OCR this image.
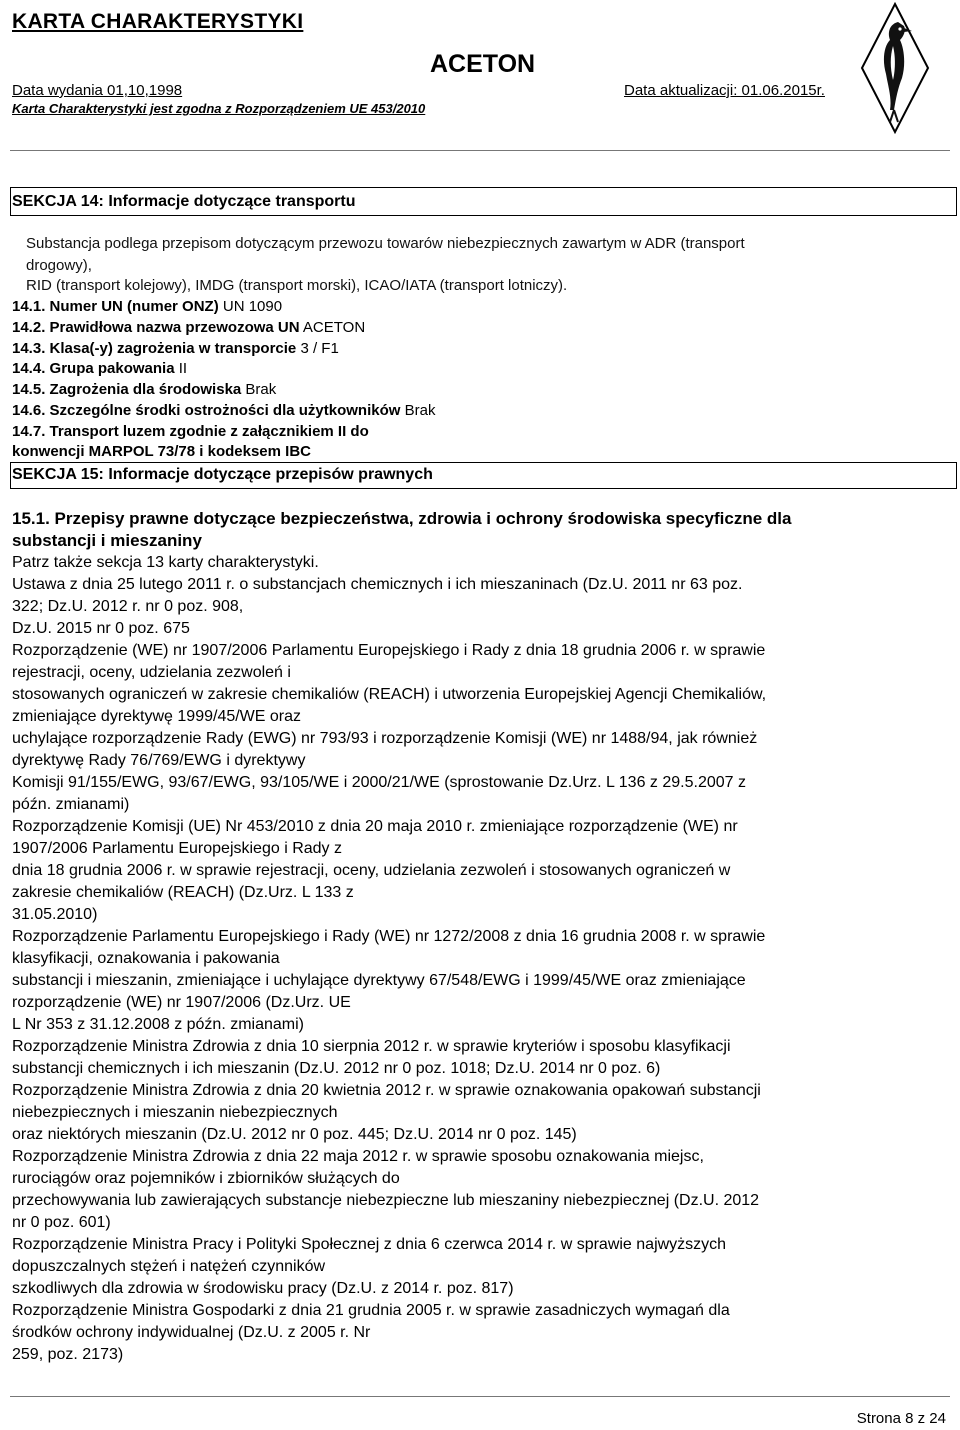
KARTA CHARAKTERYSTYKI
ACETON
Data wydania 01,10,1998	Data aktualizacji: 01.06.2015r.
Karta Charakterystyki jest zgodna z Rozporządzeniem UE 453/2010
SEKCJA 14: Informacje dotyczące transportu
Substancja podlega przepisom dotyczącym przewozu towarów niebezpiecznych zawartym w ADR (transport
drogowy),
RID (transport kolejowy), IMDG (transport morski), ICAO/IATA (transport lotniczy).
14.1. Numer UN (numer ONZ) UN 1090
14.2. Prawidłowa nazwa przewozowa UN ACETON
14.3. Klasa(-y) zagrożenia w transporcie 3 / F1
14.4. Grupa pakowania II
14.5. Zagrożenia dla środowiska Brak
14.6. Szczególne środki ostrożności dla użytkowników Brak
14.7. Transport luzem zgodnie z załącznikiem II do
konwencji MARPOL 73/78 i kodeksem IBC
SEKCJA 15: Informacje dotyczące przepisów prawnych
15.1. Przepisy prawne dotyczące bezpieczeństwa, zdrowia i ochrony środowiska specyficzne dla
substancji i mieszaniny
Patrz także sekcja 13 karty charakterystyki.
Ustawa z dnia 25 lutego 2011 r. o substancjach chemicznych i ich mieszaninach (Dz.U. 2011 nr 63 poz.
322; Dz.U. 2012 r. nr 0 poz. 908,
Dz.U. 2015 nr 0 poz. 675
Rozporządzenie (WE) nr 1907/2006 Parlamentu Europejskiego i Rady z dnia 18 grudnia 2006 r. w sprawie
rejestracji, oceny, udzielania zezwoleń i
stosowanych ograniczeń w zakresie chemikaliów (REACH) i utworzenia Europejskiej Agencji Chemikaliów,
zmieniające dyrektywę 1999/45/WE oraz
uchylające rozporządzenie Rady (EWG) nr 793/93 i rozporządzenie Komisji (WE) nr 1488/94, jak również
dyrektywę Rady 76/769/EWG i dyrektywy
Komisji 91/155/EWG, 93/67/EWG, 93/105/WE i 2000/21/WE (sprostowanie Dz.Urz. L 136 z 29.5.2007 z
późn. zmianami)
Rozporządzenie Komisji (UE) Nr 453/2010 z dnia 20 maja 2010 r. zmieniające rozporządzenie (WE) nr
1907/2006 Parlamentu Europejskiego i Rady z
dnia 18 grudnia 2006 r. w sprawie rejestracji, oceny, udzielania zezwoleń i stosowanych ograniczeń w
zakresie chemikaliów (REACH) (Dz.Urz. L 133 z
31.05.2010)
Rozporządzenie Parlamentu Europejskiego i Rady (WE) nr 1272/2008 z dnia 16 grudnia 2008 r. w sprawie
klasyfikacji, oznakowania i pakowania
substancji i mieszanin, zmieniające i uchylające dyrektywy 67/548/EWG i 1999/45/WE oraz zmieniające
rozporządzenie (WE) nr 1907/2006 (Dz.Urz. UE
L Nr 353 z 31.12.2008 z późn. zmianami)
Rozporządzenie Ministra Zdrowia z dnia 10 sierpnia 2012 r. w sprawie kryteriów i sposobu klasyfikacji
substancji chemicznych i ich mieszanin (Dz.U. 2012 nr 0 poz. 1018; Dz.U. 2014 nr 0 poz. 6)
Rozporządzenie Ministra Zdrowia z dnia 20 kwietnia 2012 r. w sprawie oznakowania opakowań substancji
niebezpiecznych i mieszanin niebezpiecznych
oraz niektórych mieszanin (Dz.U. 2012 nr 0 poz. 445; Dz.U. 2014 nr 0 poz. 145)
Rozporządzenie Ministra Zdrowia z dnia 22 maja 2012 r. w sprawie sposobu oznakowania miejsc,
rurociągów oraz pojemników i zbiorników służących do
przechowywania lub zawierających substancje niebezpieczne lub mieszaniny niebezpiecznej (Dz.U. 2012
nr 0 poz. 601)
Rozporządzenie Ministra Pracy i Polityki Społecznej z dnia 6 czerwca 2014 r. w sprawie najwyższych
dopuszczalnych stężeń i natężeń czynników
szkodliwych dla zdrowia w środowisku pracy (Dz.U. z 2014 r. poz. 817)
Rozporządzenie Ministra Gospodarki z dnia 21 grudnia 2005 r. w sprawie zasadniczych wymagań dla
środków ochrony indywidualnej (Dz.U. z 2005 r. Nr
259, poz. 2173)
Strona 8 z 24
